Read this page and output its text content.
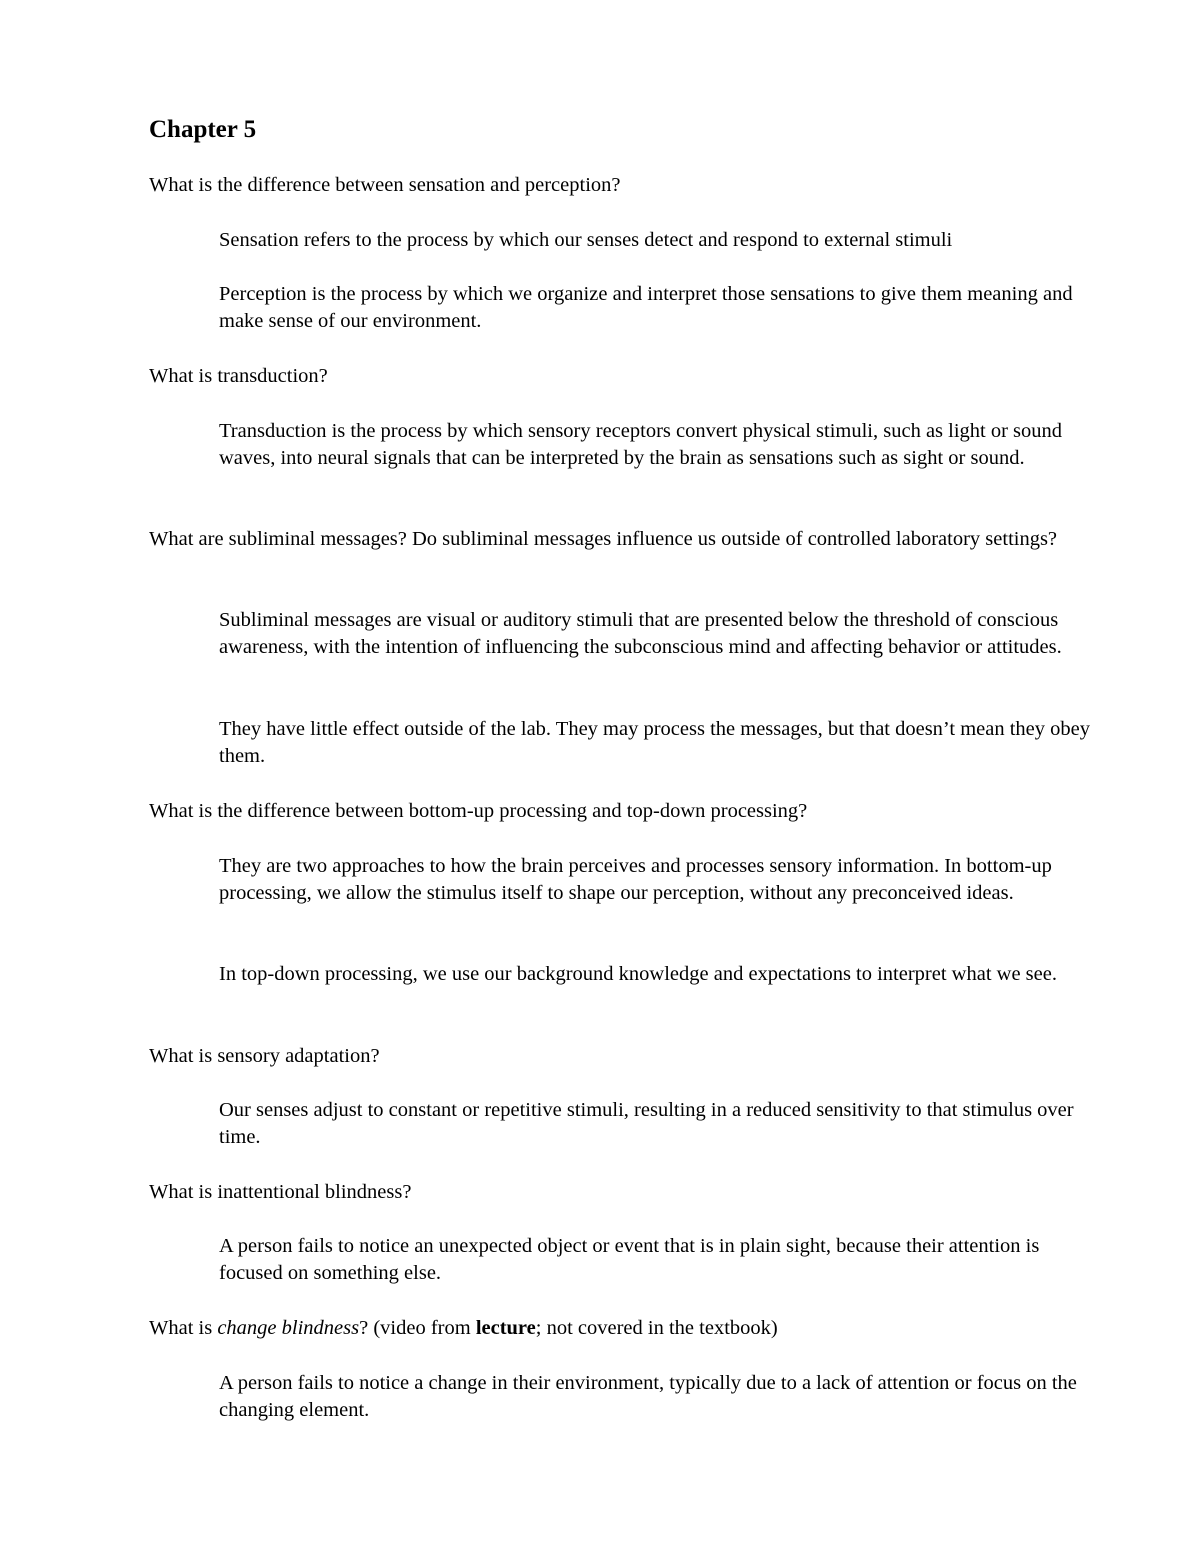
Chapter 5

What is the difference between sensation and perception?

Sensation refers to the process by which our senses detect and respond to external stimuli

Perception is the process by which we organize and interpret those sensations to give them meaning and make sense of our environment.

What is transduction?

Transduction is the process by which sensory receptors convert physical stimuli, such as light or sound waves, into neural signals that can be interpreted by the brain as sensations such as sight or sound.

What are subliminal messages? Do subliminal messages influence us outside of controlled laboratory settings?

Subliminal messages are visual or auditory stimuli that are presented below the threshold of conscious awareness, with the intention of influencing the subconscious mind and affecting behavior or attitudes.

They have little effect outside of the lab. They may process the messages, but that doesn’t mean they obey them.

What is the difference between bottom-up processing and top-down processing?

They are two approaches to how the brain perceives and processes sensory information. In bottom-up processing, we allow the stimulus itself to shape our perception, without any preconceived ideas.

In top-down processing, we use our background knowledge and expectations to interpret what we see.

What is sensory adaptation?

Our senses adjust to constant or repetitive stimuli, resulting in a reduced sensitivity to that stimulus over time.

What is inattentional blindness?

A person fails to notice an unexpected object or event that is in plain sight, because their attention is focused on something else.

What is change blindness? (video from lecture; not covered in the textbook)

A person fails to notice a change in their environment, typically due to a lack of attention or focus on the changing element.
